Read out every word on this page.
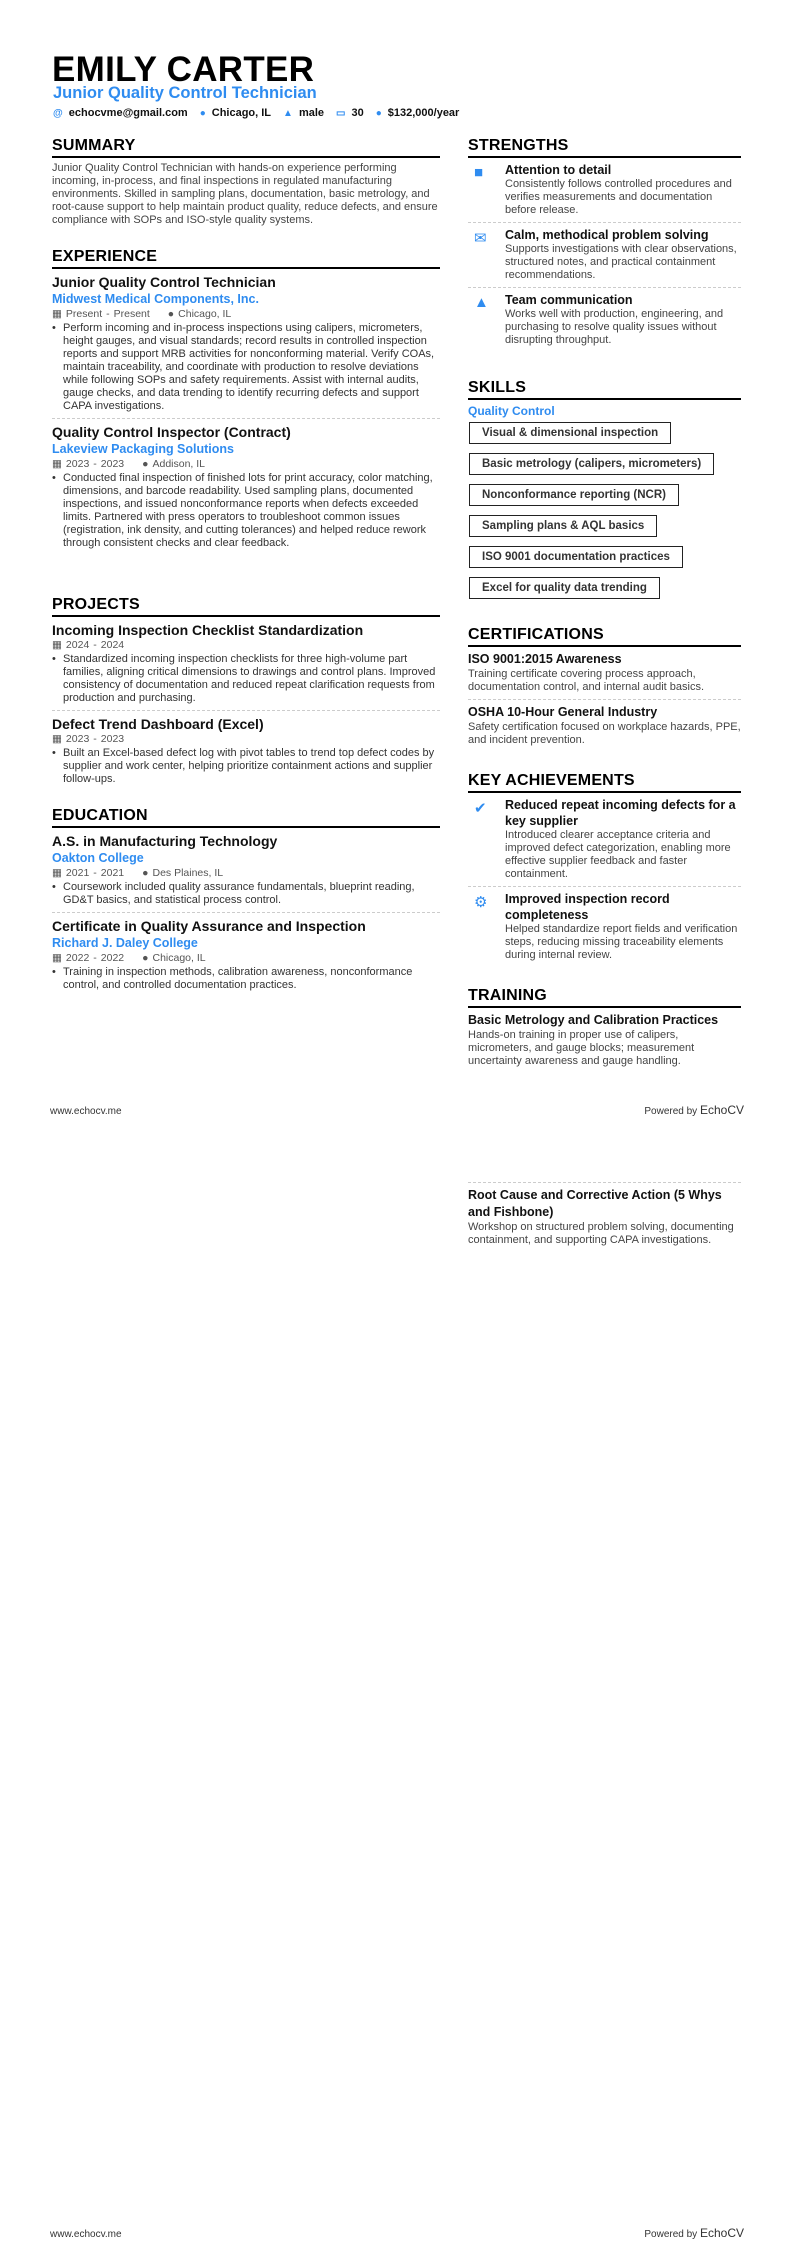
EMILY CARTER
Junior Quality Control Technician
@ echocvme@gmail.com ● Chicago, IL ▲ male ▭ 30 ● $132,000/year
SUMMARY

Junior Quality Control Technician with hands-on experience performing incoming, in-process, and final inspections in regulated manufacturing environments. Skilled in sampling plans, documentation, basic metrology, and root-cause support to help maintain product quality, reduce defects, and ensure compliance with SOPs and ISO-style quality systems.

EXPERIENCE
Junior Quality Control Technician
Midwest Medical Components, Inc.
▦ Present - Present ● Chicago, IL
• Perform incoming and in-process inspections using calipers, micrometers, height gauges, and visual standards; record results in controlled inspection reports and support MRB activities for nonconforming material. Verify COAs, maintain traceability, and coordinate with production to resolve deviations while following SOPs and safety requirements. Assist with internal audits, gauge checks, and data trending to identify recurring defects and support CAPA investigations.
Quality Control Inspector (Contract)
Lakeview Packaging Solutions
▦ 2023 - 2023 ● Addison, IL
• Conducted final inspection of finished lots for print accuracy, color matching, dimensions, and barcode readability. Used sampling plans, documented inspections, and issued nonconformance reports when defects exceeded limits. Partnered with press operators to troubleshoot common issues (registration, ink density, and cutting tolerances) and helped reduce rework through consistent checks and clear feedback.
PROJECTS
Incoming Inspection Checklist Standardization
▦ 2024 - 2024
• Standardized incoming inspection checklists for three high-volume part families, aligning critical dimensions to drawings and control plans. Improved consistency of documentation and reduced repeat clarification requests from production and purchasing.
Defect Trend Dashboard (Excel)
▦ 2023 - 2023
• Built an Excel-based defect log with pivot tables to trend top defect codes by supplier and work center, helping prioritize containment actions and supplier follow-ups.
EDUCATION
A.S. in Manufacturing Technology
Oakton College
▦ 2021 - 2021 ● Des Plaines, IL
• Coursework included quality assurance fundamentals, blueprint reading, GD&T basics, and statistical process control.
Certificate in Quality Assurance and Inspection
Richard J. Daley College
▦ 2022 - 2022 ● Chicago, IL
• Training in inspection methods, calibration awareness, nonconformance control, and controlled documentation practices.
STRENGTHS
■	Attention to detail

Consistently follows controlled procedures and verifies measurements and documentation before release.

✉	Calm, methodical problem solving

Supports investigations with clear observations, structured notes, and practical containment recommendations.

▲	Team communication

Works well with production, engineering, and purchasing to resolve quality issues without disrupting throughput.

SKILLS
Quality Control
Visual & dimensional inspection
Basic metrology (calipers, micrometers)
Nonconformance reporting (NCR)
Sampling plans & AQL basics
ISO 9001 documentation practices
Excel for quality data trending
CERTIFICATIONS
ISO 9001:2015 Awareness

Training certificate covering process approach, documentation control, and internal audit basics.

OSHA 10-Hour General Industry

Safety certification focused on workplace hazards, PPE, and incident prevention.

KEY ACHIEVEMENTS
✔	Reduced repeat incoming defects for a key supplier

Introduced clearer acceptance criteria and improved defect categorization, enabling more effective supplier feedback and faster containment.

⚙	Improved inspection record completeness

Helped standardize report fields and verification steps, reducing missing traceability elements during internal review.

TRAINING
Basic Metrology and Calibration Practices

Hands-on training in proper use of calipers, micrometers, and gauge blocks; measurement uncertainty awareness and gauge handling.

www.echocv.me	Powered by EchoCV
Root Cause and Corrective Action (5 Whys and Fishbone)

Workshop on structured problem solving, documenting containment, and supporting CAPA investigations.

www.echocv.me	Powered by EchoCV
